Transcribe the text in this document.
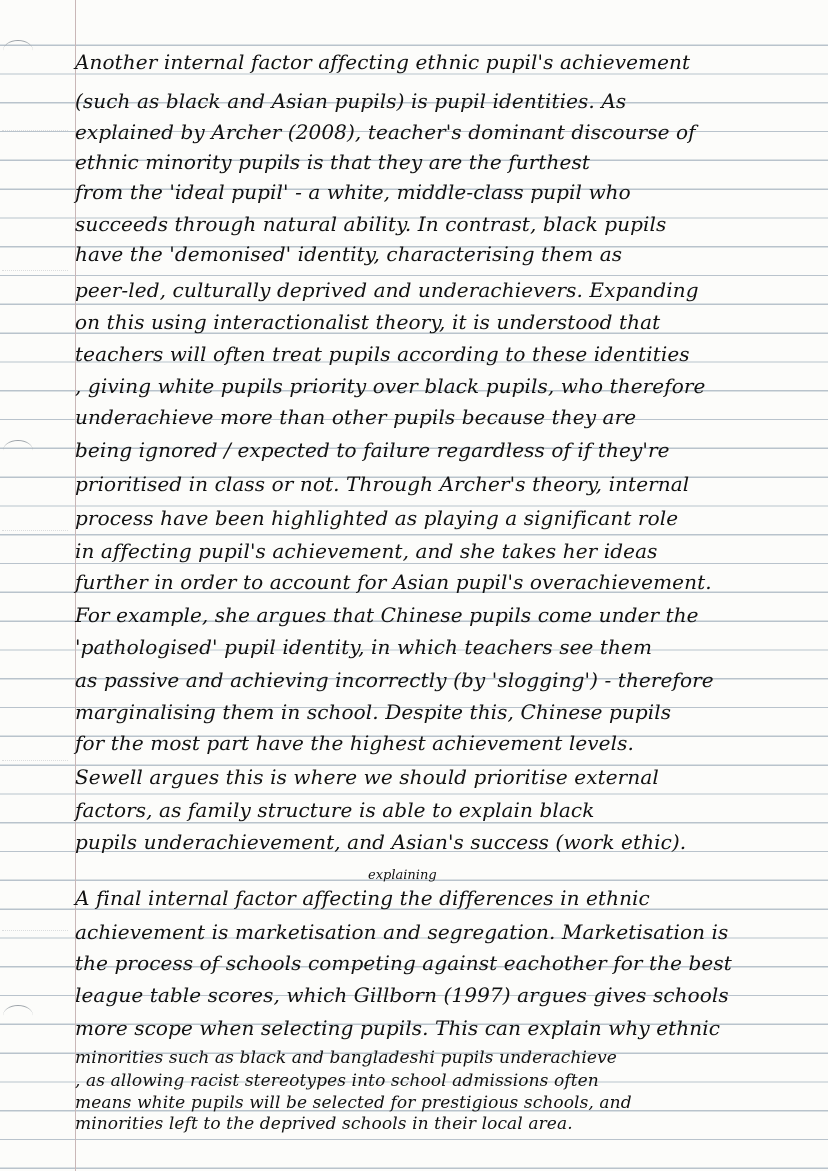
Another internal factor affecting ethnic pupil's achievement
(such as black and Asian pupils) is pupil identities. As
explained by Archer (2008), teacher's dominant discourse of
ethnic minority pupils is that they are the furthest
from the 'ideal pupil' - a white, middle-class pupil who
succeeds through natural ability. In contrast, black pupils
have the 'demonised' identity, characterising them as
peer-led, culturally deprived and underachievers. Expanding
on this using interactionalist theory, it is understood that
teachers will often treat pupils according to these identities
, giving white pupils priority over black pupils, who therefore
underachieve more than other pupils because they are
being ignored / expected to failure regardless of if they're
prioritised in class or not. Through Archer's theory, internal
process have been highlighted as playing a significant role
in affecting pupil's achievement, and she takes her ideas
further in order to account for Asian pupil's overachievement.
For example, she argues that Chinese pupils come under the
'pathologised' pupil identity, in which teachers see them
as passive and achieving incorrectly (by 'slogging') - therefore
marginalising them in school. Despite this, Chinese pupils
for the most part have the highest achievement levels.
Sewell argues this is where we should prioritise external
factors, as family structure is able to explain black
pupils underachievement, and Asian's success (work ethic).
explaining
A final internal factor affecting the differences in ethnic
achievement is marketisation and segregation. Marketisation is
the process of schools competing against eachother for the best
league table scores, which Gillborn (1997) argues gives schools
more scope when selecting pupils. This can explain why ethnic
minorities such as black and bangladeshi pupils underachieve
, as allowing racist stereotypes into school admissions often
means white pupils will be selected for prestigious schools, and
minorities left to the deprived schools in their local area.
